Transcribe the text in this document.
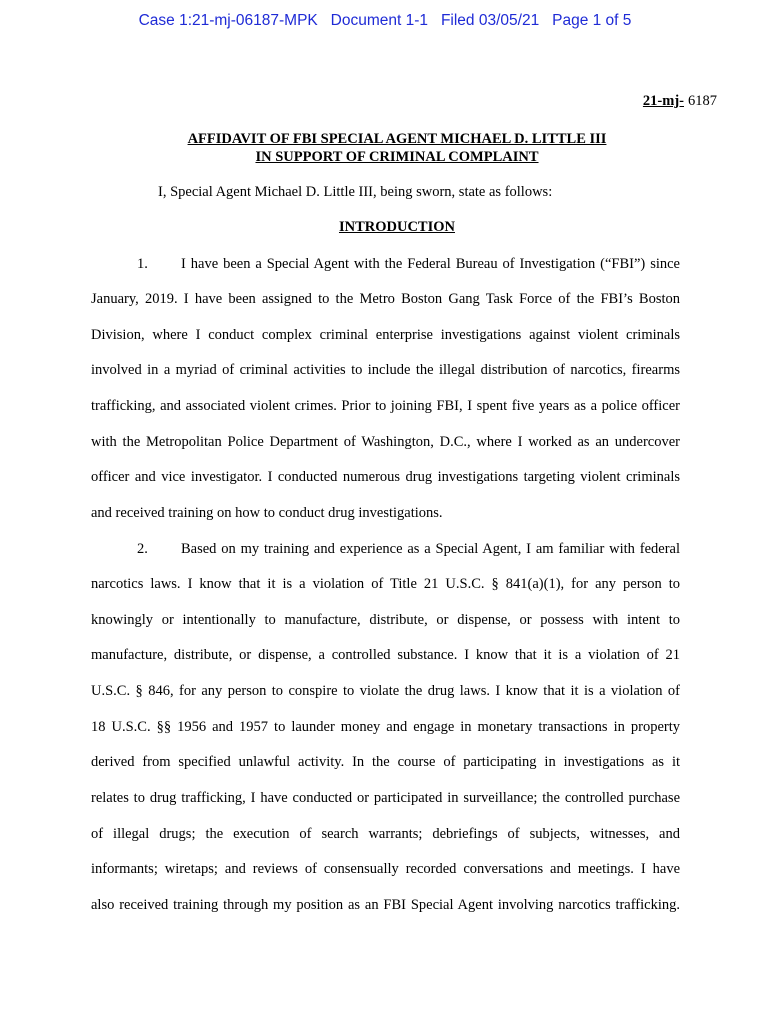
Case 1:21-mj-06187-MPK   Document 1-1   Filed 03/05/21   Page 1 of 5
21-mj- 6187
AFFIDAVIT OF FBI SPECIAL AGENT MICHAEL D. LITTLE III
IN SUPPORT OF CRIMINAL COMPLAINT
I, Special Agent Michael D. Little III, being sworn, state as follows:
INTRODUCTION
1. I have been a Special Agent with the Federal Bureau of Investigation (“FBI”) since
January, 2019. I have been assigned to the Metro Boston Gang Task Force of the FBI’s Boston
Division, where I conduct complex criminal enterprise investigations against violent criminals
involved in a myriad of criminal activities to include the illegal distribution of narcotics, firearms
trafficking, and associated violent crimes. Prior to joining FBI, I spent five years as a police officer
with the Metropolitan Police Department of Washington, D.C., where I worked as an undercover
officer and vice investigator. I conducted numerous drug investigations targeting violent criminals
and received training on how to conduct drug investigations.
2. Based on my training and experience as a Special Agent, I am familiar with federal
narcotics laws. I know that it is a violation of Title 21 U.S.C. § 841(a)(1), for any person to
knowingly or intentionally to manufacture, distribute, or dispense, or possess with intent to
manufacture, distribute, or dispense, a controlled substance. I know that it is a violation of 21
U.S.C. § 846, for any person to conspire to violate the drug laws. I know that it is a violation of
18 U.S.C. §§ 1956 and 1957 to launder money and engage in monetary transactions in property
derived from specified unlawful activity. In the course of participating in investigations as it
relates to drug trafficking, I have conducted or participated in surveillance; the controlled purchase
of illegal drugs; the execution of search warrants; debriefings of subjects, witnesses, and
informants; wiretaps; and reviews of consensually recorded conversations and meetings. I have
also received training through my position as an FBI Special Agent involving narcotics trafficking.
